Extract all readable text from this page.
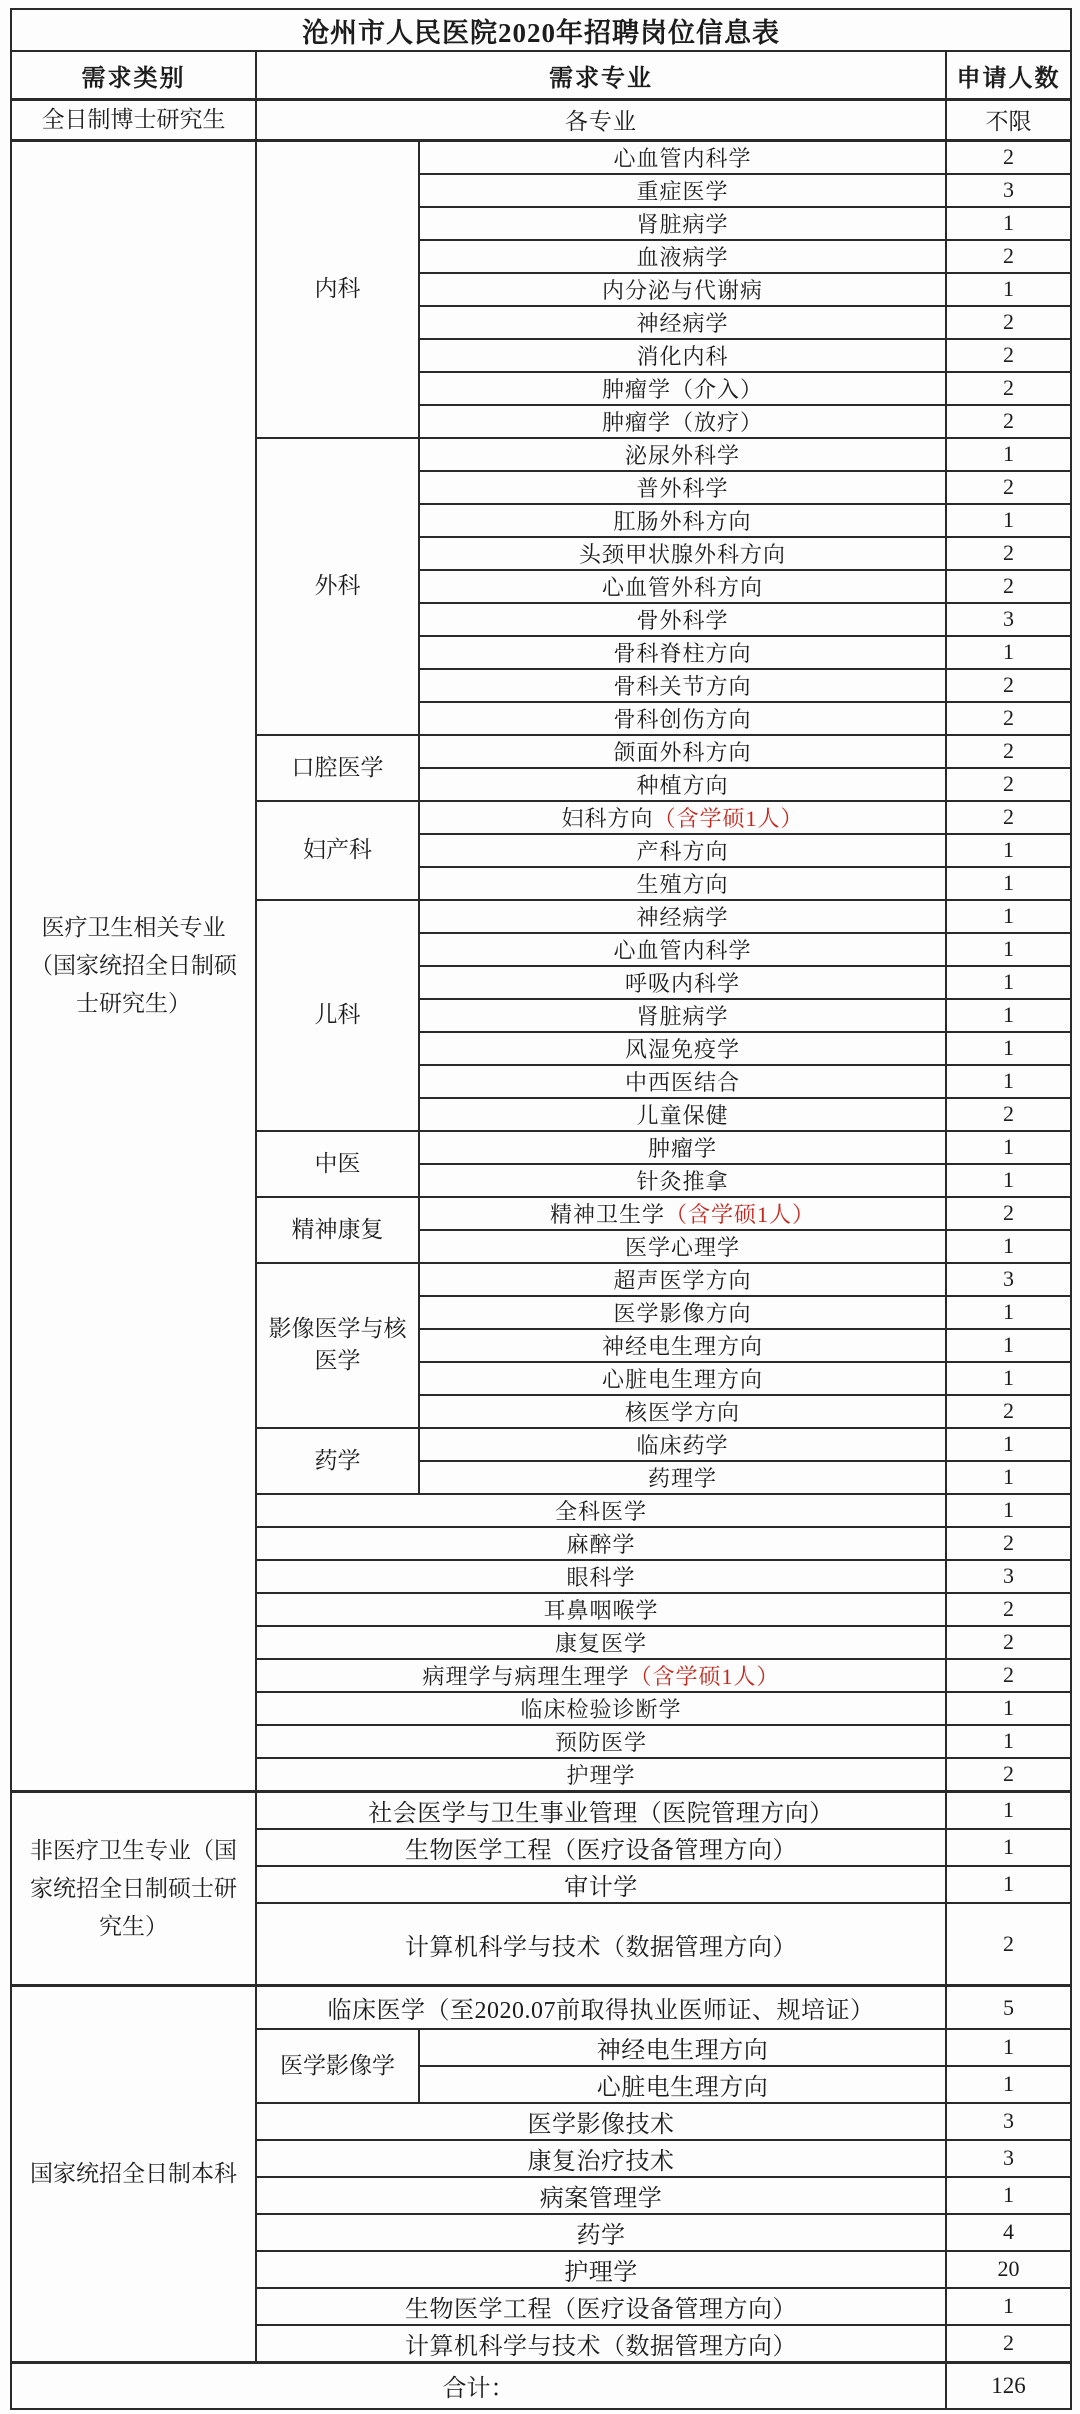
沧州市人民医院2020年招聘岗位信息表			
需求类别	需求专业		申请人数
全日制博士研究生	各专业		不限
医疗卫生相关专业（国家统招全日制硕士研究生）	内科	心血管内科学	2
		重症医学	3
		肾脏病学	1
		血液病学	2
		内分泌与代谢病	1
		神经病学	2
		消化内科	2
		肿瘤学（介入）	2
		肿瘤学（放疗）	2
	外科	泌尿外科学	1
		普外科学	2
		肛肠外科方向	1
		头颈甲状腺外科方向	2
		心血管外科方向	2
		骨外科学	3
		骨科脊柱方向	1
		骨科关节方向	2
		骨科创伤方向	2
	口腔医学	颌面外科方向	2
		种植方向	2
	妇产科	妇科方向（含学硕1人）	2
		产科方向	1
		生殖方向	1
	儿科	神经病学	1
		心血管内科学	1
		呼吸内科学	1
		肾脏病学	1
		风湿免疫学	1
		中西医结合	1
		儿童保健	2
	中医	肿瘤学	1
		针灸推拿	1
	精神康复	精神卫生学（含学硕1人）	2
		医学心理学	1
	影像医学与核医学	超声医学方向	3
		医学影像方向	1
		神经电生理方向	1
		心脏电生理方向	1
		核医学方向	2
	药学	临床药学	1
		药理学	1
	全科医学		1
	麻醉学		2
	眼科学		3
	耳鼻咽喉学		2
	康复医学		2
	病理学与病理生理学（含学硕1人）		2
	临床检验诊断学		1
	预防医学		1
	护理学		2
非医疗卫生专业（国家统招全日制硕士研究生）	社会医学与卫生事业管理（医院管理方向）		1
	生物医学工程（医疗设备管理方向）		1
	审计学		1
	计算机科学与技术（数据管理方向）		2
国家统招全日制本科	临床医学（至2020.07前取得执业医师证、规培证）		5
	医学影像学	神经电生理方向	1
		心脏电生理方向	1
	医学影像技术		3
	康复治疗技术		3
	病案管理学		1
	药学		4
	护理学		20
	生物医学工程（医疗设备管理方向）		1
	计算机科学与技术（数据管理方向）		2
合计：			126
